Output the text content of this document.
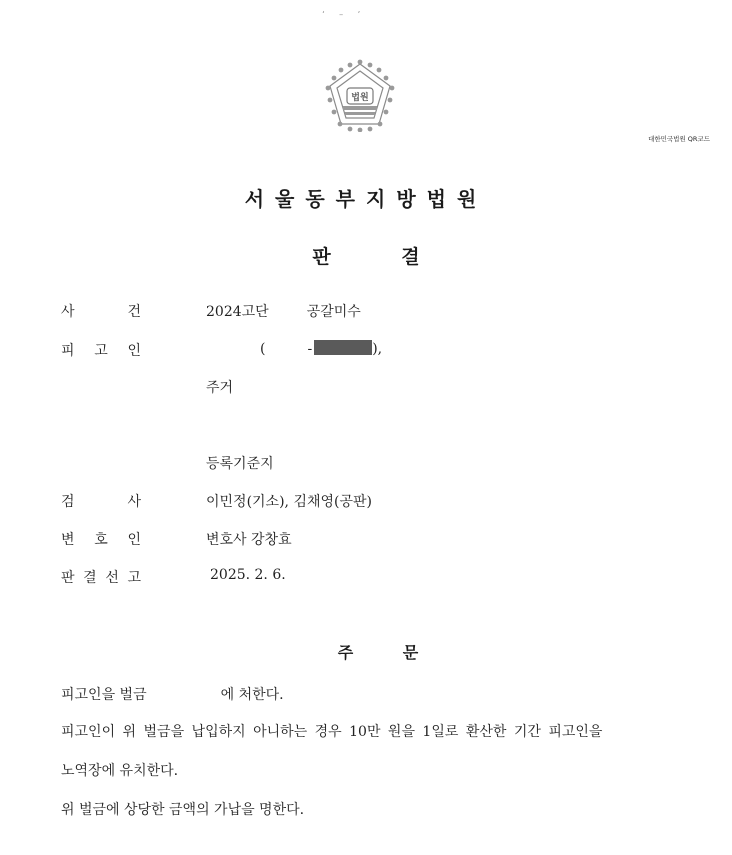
‘ – ’
법원
대한민국법원 QR코드
서울동부지방법원
판 결
사	건	2024고단	공갈미수
피 고 인	(	-	),
주거
등록기준지
검	사	이민정(기소), 김채영(공판)
변 호 인	변호사 강창효
판 결 선 고	2025. 2. 6.
주 문
피고인을 벌금	에 처한다.
피고인이 위 벌금을 납입하지 아니하는 경우 10만 원을 1일로 환산한 기간 피고인을
노역장에 유치한다.
위 벌금에 상당한 금액의 가납을 명한다.
